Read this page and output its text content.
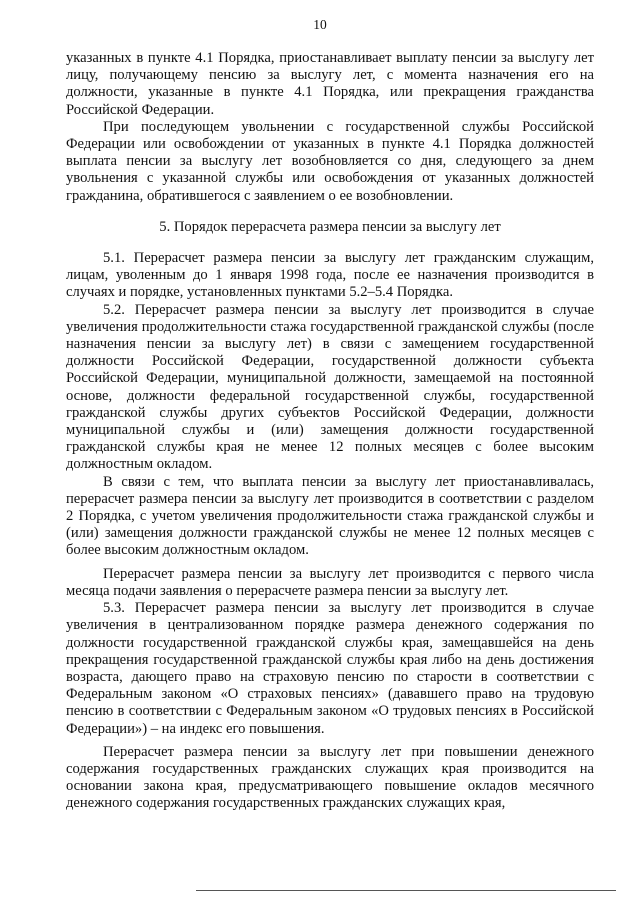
10

указанных в пункте 4.1 Порядка, приостанавливает выплату пенсии за выслугу лет лицу, получающему пенсию за выслугу лет, с момента назначения его на должности, указанные в пункте 4.1 Порядка, или прекращения гражданства Российской Федерации.

При последующем увольнении с государственной службы Российской Федерации или освобождении от указанных в пункте 4.1 Порядка должностей выплата пенсии за выслугу лет возобновляется со дня, следующего за днем увольнения с указанной службы или освобождения от указанных должностей гражданина, обратившегося с заявлением о ее возобновлении.

5. Порядок перерасчета размера пенсии за выслугу лет

5.1. Перерасчет размера пенсии за выслугу лет гражданским служащим, лицам, уволенным до 1 января 1998 года, после ее назначения производится в случаях и порядке, установленных пунктами 5.2–5.4 Порядка.

5.2. Перерасчет размера пенсии за выслугу лет производится в случае увеличения продолжительности стажа государственной гражданской службы (после назначения пенсии за выслугу лет) в связи с замещением государственной должности Российской Федерации, государственной должности субъекта Российской Федерации, муниципальной должности, замещаемой на постоянной основе, должности федеральной государственной службы, государственной гражданской службы других субъектов Российской Федерации, должности муниципальной службы и (или) замещения должности государственной гражданской службы края не менее 12 полных месяцев с более высоким должностным окладом.

В связи с тем, что выплата пенсии за выслугу лет приостанавливалась, перерасчет размера пенсии за выслугу лет производится в соответствии с разделом 2 Порядка, с учетом увеличения продолжительности стажа гражданской службы и (или) замещения должности гражданской службы не менее 12 полных месяцев с более высоким должностным окладом.

Перерасчет размера пенсии за выслугу лет производится с первого числа месяца подачи заявления о перерасчете размера пенсии за выслугу лет.

5.3. Перерасчет размера пенсии за выслугу лет производится в случае увеличения в централизованном порядке размера денежного содержания по должности государственной гражданской службы края, замещавшейся на день прекращения государственной гражданской службы края либо на день достижения возраста, дающего право на страховую пенсию по старости в соответствии с Федеральным законом «О страховых пенсиях» (дававшего право на трудовую пенсию в соответствии с Федеральным законом «О трудовых пенсиях в Российской Федерации») – на индекс его повышения.

Перерасчет размера пенсии за выслугу лет при повышении денежного содержания государственных гражданских служащих края производится на основании закона края, предусматривающего повышение окладов месячного денежного содержания государственных гражданских служащих края,
